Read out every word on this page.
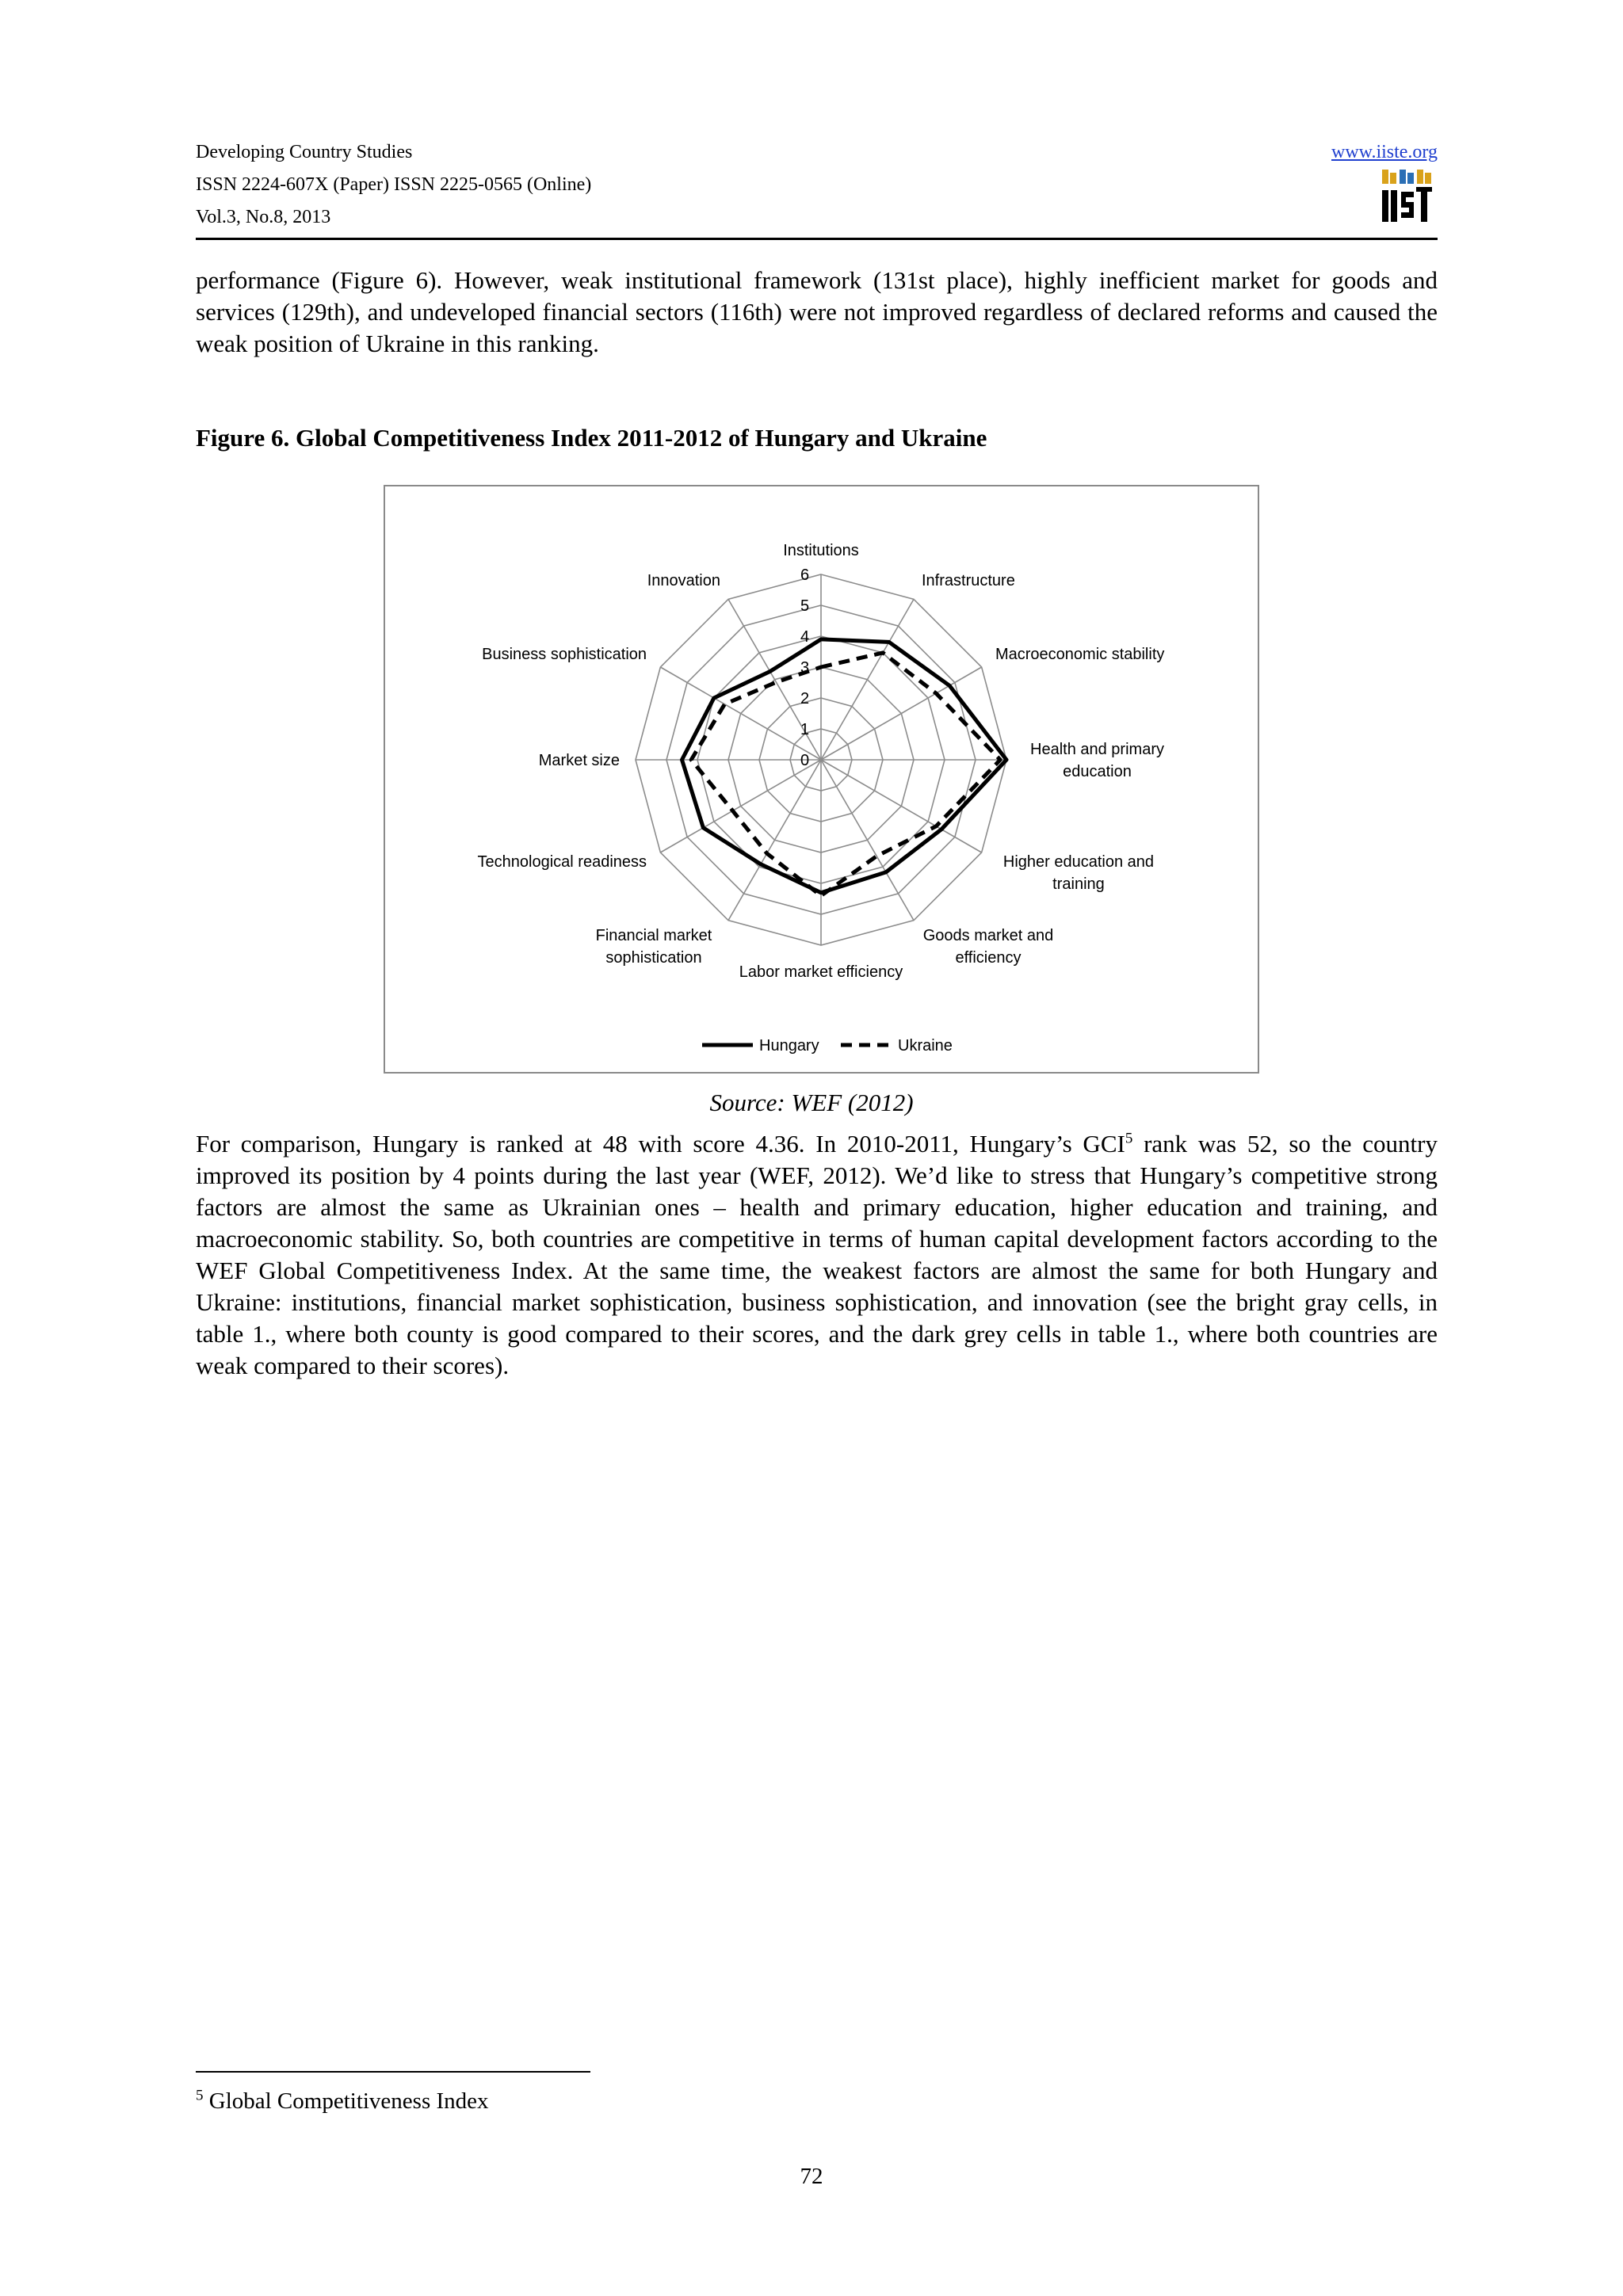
Developing Country Studies
ISSN 2224-607X (Paper) ISSN 2225-0565 (Online)
Vol.3, No.8, 2013
www.iiste.org
performance (Figure 6). However, weak institutional framework (131st place), highly inefficient market for goods and services (129th), and undeveloped financial sectors (116th) were not improved regardless of declared reforms and caused the weak position of Ukraine in this ranking.
Figure 6. Global Competitiveness Index 2011-2012 of Hungary and Ukraine
0
1
2
3
4
5
6
Institutions
Infrastructure
Macroeconomic stability
Health and primary education
Higher education and training
Goods market and efficiency
Labor market efficiency
Financial market sophistication
Technological readiness
Market size
Business sophistication
Innovation
Hungary	Ukraine
Source: WEF (2012)
For comparison, Hungary is ranked at 48 with score 4.36. In 2010-2011, Hungary’s GCI$^5$ rank was 52, so the country improved its position by 4 points during the last year (WEF, 2012). We’d like to stress that Hungary’s competitive strong factors are almost the same as Ukrainian ones – health and primary education, higher education and training, and macroeconomic stability. So, both countries are competitive in terms of human capital development factors according to the WEF Global Competitiveness Index. At the same time, the weakest factors are almost the same for both Hungary and Ukraine: institutions, financial market sophistication, business sophistication, and innovation (see the bright gray cells, in table 1., where both county is good compared to their scores, and the dark grey cells in table 1., where both countries are weak compared to their scores).
$^5$ Global Competitiveness Index
72
